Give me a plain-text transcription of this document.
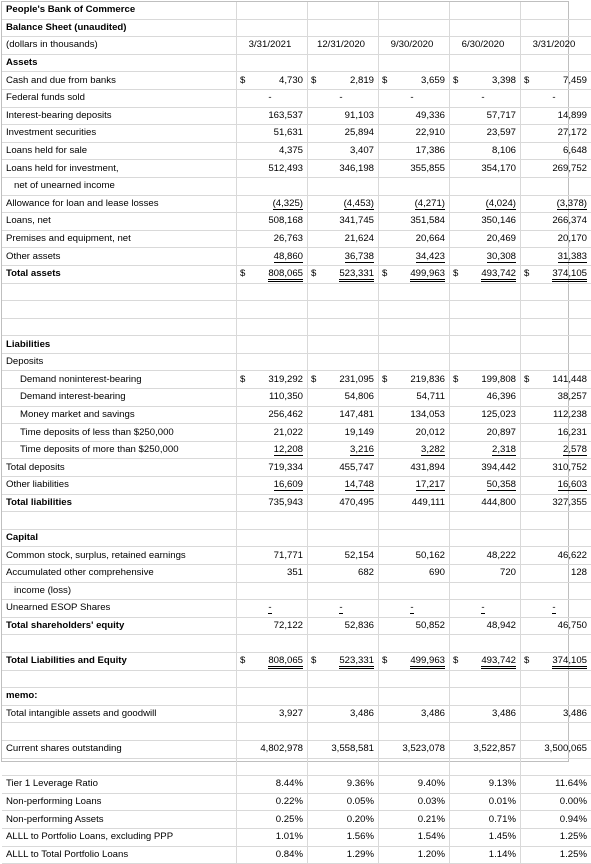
People's Bank of Commerce					
Balance Sheet (unaudited)					
(dollars in thousands)	3/31/2021	12/31/2020	9/30/2020	6/30/2020	3/31/2020
Assets					
Cash and due from banks	$ 4,730	$ 2,819	$ 3,659	$ 3,398	$ 7,459
Federal funds sold	-	-	-	-	-
Interest-bearing deposits	163,537	91,103	49,336	57,717	14,899
Investment securities	51,631	25,894	22,910	23,597	27,172
Loans held for sale	4,375	3,407	17,386	8,106	6,648
Loans held for investment,	512,493	346,198	355,855	354,170	269,752
net of unearned income					
Allowance for loan and lease losses	(4,325)	(4,453)	(4,271)	(4,024)	(3,378)
Loans, net	508,168	341,745	351,584	350,146	266,374
Premises and equipment, net	26,763	21,624	20,664	20,469	20,170
Other assets	48,860	36,738	34,423	30,308	31,383
Total assets	$ 808,065	$ 523,331	$ 499,963	$ 493,742	$ 374,105

Liabilities					
Deposits					
Demand noninterest-bearing	$ 319,292	$ 231,095	$ 219,836	$ 199,808	$ 141,448
Demand interest-bearing	110,350	54,806	54,711	46,396	38,257
Money market and savings	256,462	147,481	134,053	125,023	112,238
Time deposits of less than $250,000	21,022	19,149	20,012	20,897	16,231
Time deposits of more than $250,000	12,208	3,216	3,282	2,318	2,578
Total deposits	719,334	455,747	431,894	394,442	310,752
Other liabilities	16,609	14,748	17,217	50,358	16,603
Total liabilities	735,943	470,495	449,111	444,800	327,355

Capital					
Common stock, surplus, retained earnings	71,771	52,154	50,162	48,222	46,622
Accumulated other comprehensive	351	682	690	720	128
income (loss)					
Unearned ESOP Shares	-	-	-	-	-
Total shareholders' equity	72,122	52,836	50,852	48,942	46,750

Total Liabilities and Equity	$ 808,065	$ 523,331	$ 499,963	$ 493,742	$ 374,105

memo:					
Total intangible assets and goodwill	3,927	3,486	3,486	3,486	3,486

Current shares outstanding	4,802,978	3,558,581	3,523,078	3,522,857	3,500,065

Tier 1 Leverage Ratio	8.44%	9.36%	9.40%	9.13%	11.64%
Non-performing Loans	0.22%	0.05%	0.03%	0.01%	0.00%
Non-performing Assets	0.25%	0.20%	0.21%	0.71%	0.94%
ALLL to Portfolio Loans, excluding PPP	1.01%	1.56%	1.54%	1.45%	1.25%
ALLL to Total Portfolio Loans	0.84%	1.29%	1.20%	1.14%	1.25%
